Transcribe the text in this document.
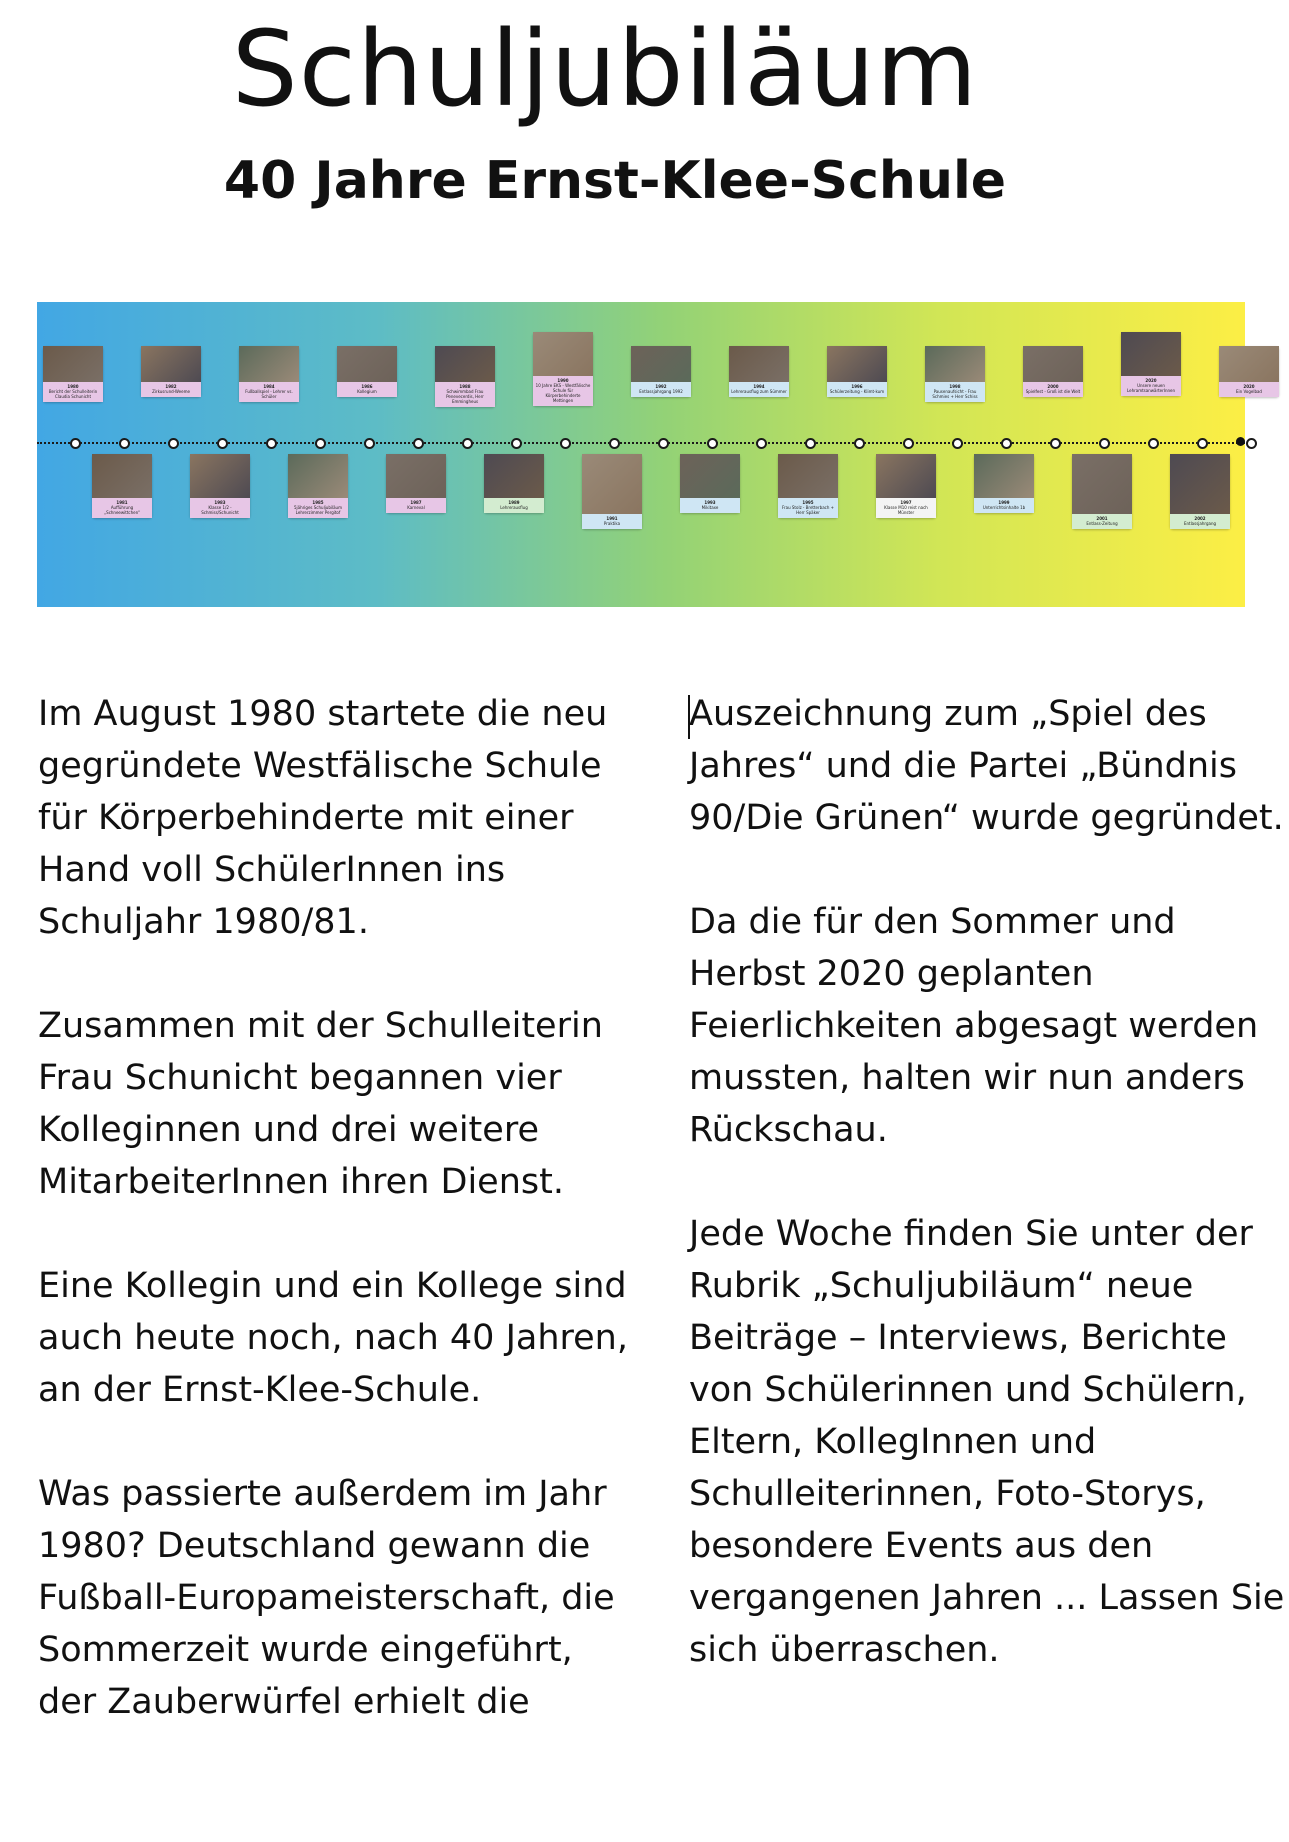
Schuljubiläum
40 Jahre Ernst-Klee-Schule
1980
Bericht der Schulleiterin Claudia Schunicht
1982
Zirkusrund-Weeme
1984
Fußballspiel - Lehrer vs. Schüler
1986
Kollegium
1988
Schwimmbad Frau Penevecerdis, Herr Emmingheus
1990
10 Jahre EKS - Westfälische Schule für Körperbehinderte Mettingen
1992
Entlassjahrgang 1992
1994
Lehrerausflug zum Sümmer
1996
Schülerzeitung - Klimt-kum
1998
Pausenaufsicht - Frau Schmies + Herr Schiss
2000
Spielfest - Groß ist die Welt
2020
Unsere neuen LehramtsanwärterInnen
2020
Ein Vogelbad
1981
Aufführung „Schneewittchen“
1983
Klasse 1/2 - Schmiss/Schunicht
1985
5jähriges Schuljubiläum Lehrerzimmer Pergitof
1987
Karneval
1989
Lehrerausflug
1991
Praktika
1993
Mikitaxe
1995
Frau Stolz - Bretterbach + Herr Späker
1997
Klasse M10 reist nach Münster
1999
Unterrichtsinhalte 1b
2001
Entlass-Zeitung
2002
Entlassjahrgang

Im August 1980 startete die neu gegründete Westfälische Schule für Körperbehinderte mit einer Hand voll SchülerInnen ins Schuljahr 1980/81.

Zusammen mit der Schulleiterin Frau Schunicht begannen vier Kolleginnen und drei weitere MitarbeiterInnen ihren Dienst.

Eine Kollegin und ein Kollege sind auch heute noch, nach 40 Jahren, an der Ernst-Klee-Schule.

Was passierte außerdem im Jahr 1980? Deutschland gewann die Fußball-Europameisterschaft, die Sommerzeit wurde eingeführt, der Zauberwürfel erhielt die

Auszeichnung zum „Spiel des Jahres“ und die Partei „Bündnis 90/Die Grünen“ wurde gegründet.

Da die für den Sommer und Herbst 2020 geplanten Feierlichkeiten abgesagt werden mussten, halten wir nun anders Rückschau.

Jede Woche finden Sie unter der Rubrik „Schuljubiläum“ neue Beiträge – Interviews, Berichte von Schülerinnen und Schülern, Eltern, KollegInnen und Schulleiterinnen, Foto-Storys, besondere Events aus den vergangenen Jahren ... Lassen Sie sich überraschen.
